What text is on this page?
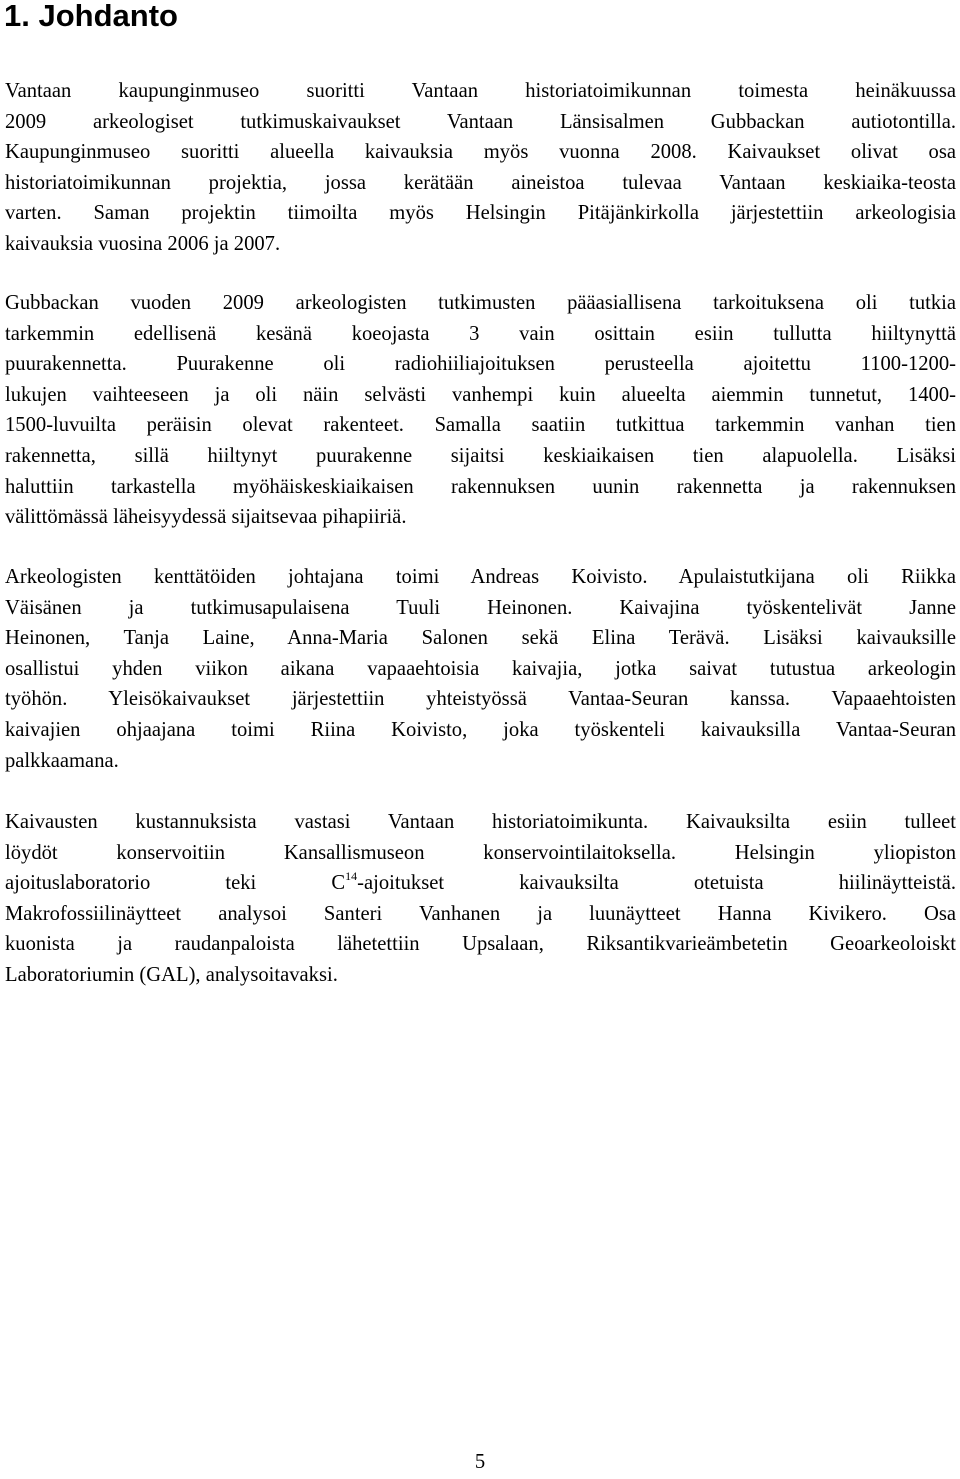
1. Johdanto
Vantaan kaupunginmuseo suoritti Vantaan historiatoimikunnan toimesta heinäkuussa
2009 arkeologiset tutkimuskaivaukset Vantaan Länsisalmen Gubbackan autiotontilla.
Kaupunginmuseo suoritti alueella kaivauksia myös vuonna 2008. Kaivaukset olivat osa
historiatoimikunnan projektia, jossa kerätään aineistoa tulevaa Vantaan keskiaika-teosta
varten. Saman projektin tiimoilta myös Helsingin Pitäjänkirkolla järjestettiin arkeologisia
kaivauksia vuosina 2006 ja 2007.
Gubbackan vuoden 2009 arkeologisten tutkimusten pääasiallisena tarkoituksena oli tutkia
tarkemmin edellisenä kesänä koeojasta 3 vain osittain esiin tullutta hiiltynyttä
puurakennetta. Puurakenne oli radiohiiliajoituksen perusteella ajoitettu 1100-1200-
lukujen vaihteeseen ja oli näin selvästi vanhempi kuin alueelta aiemmin tunnetut, 1400-
1500-luvuilta peräisin olevat rakenteet. Samalla saatiin tutkittua tarkemmin vanhan tien
rakennetta, sillä hiiltynyt puurakenne sijaitsi keskiaikaisen tien alapuolella. Lisäksi
haluttiin tarkastella myöhäiskeskiaikaisen rakennuksen uunin rakennetta ja rakennuksen
välittömässä läheisyydessä sijaitsevaa pihapiiriä.
Arkeologisten kenttätöiden johtajana toimi Andreas Koivisto. Apulaistutkijana oli Riikka
Väisänen ja tutkimusapulaisena Tuuli Heinonen. Kaivajina työskentelivät Janne
Heinonen, Tanja Laine, Anna-Maria Salonen sekä Elina Terävä. Lisäksi kaivauksille
osallistui yhden viikon aikana vapaaehtoisia kaivajia, jotka saivat tutustua arkeologin
työhön. Yleisökaivaukset järjestettiin yhteistyössä Vantaa-Seuran kanssa. Vapaaehtoisten
kaivajien ohjaajana toimi Riina Koivisto, joka työskenteli kaivauksilla Vantaa-Seuran
palkkaamana.
Kaivausten kustannuksista vastasi Vantaan historiatoimikunta. Kaivauksilta esiin tulleet
löydöt konservoitiin Kansallismuseon konservointilaitoksella. Helsingin yliopiston
ajoituslaboratorio teki $C^{14}$-ajoitukset kaivauksilta otetuista hiilinäytteistä.
Makrofossiilinäytteet analysoi Santeri Vanhanen ja luunäytteet Hanna Kivikero. Osa
kuonista ja raudanpaloista lähetettiin Upsalaan, Riksantikvarieämbetetin Geoarkeoloiskt
Laboratoriumin (GAL), analysoitavaksi.

5
